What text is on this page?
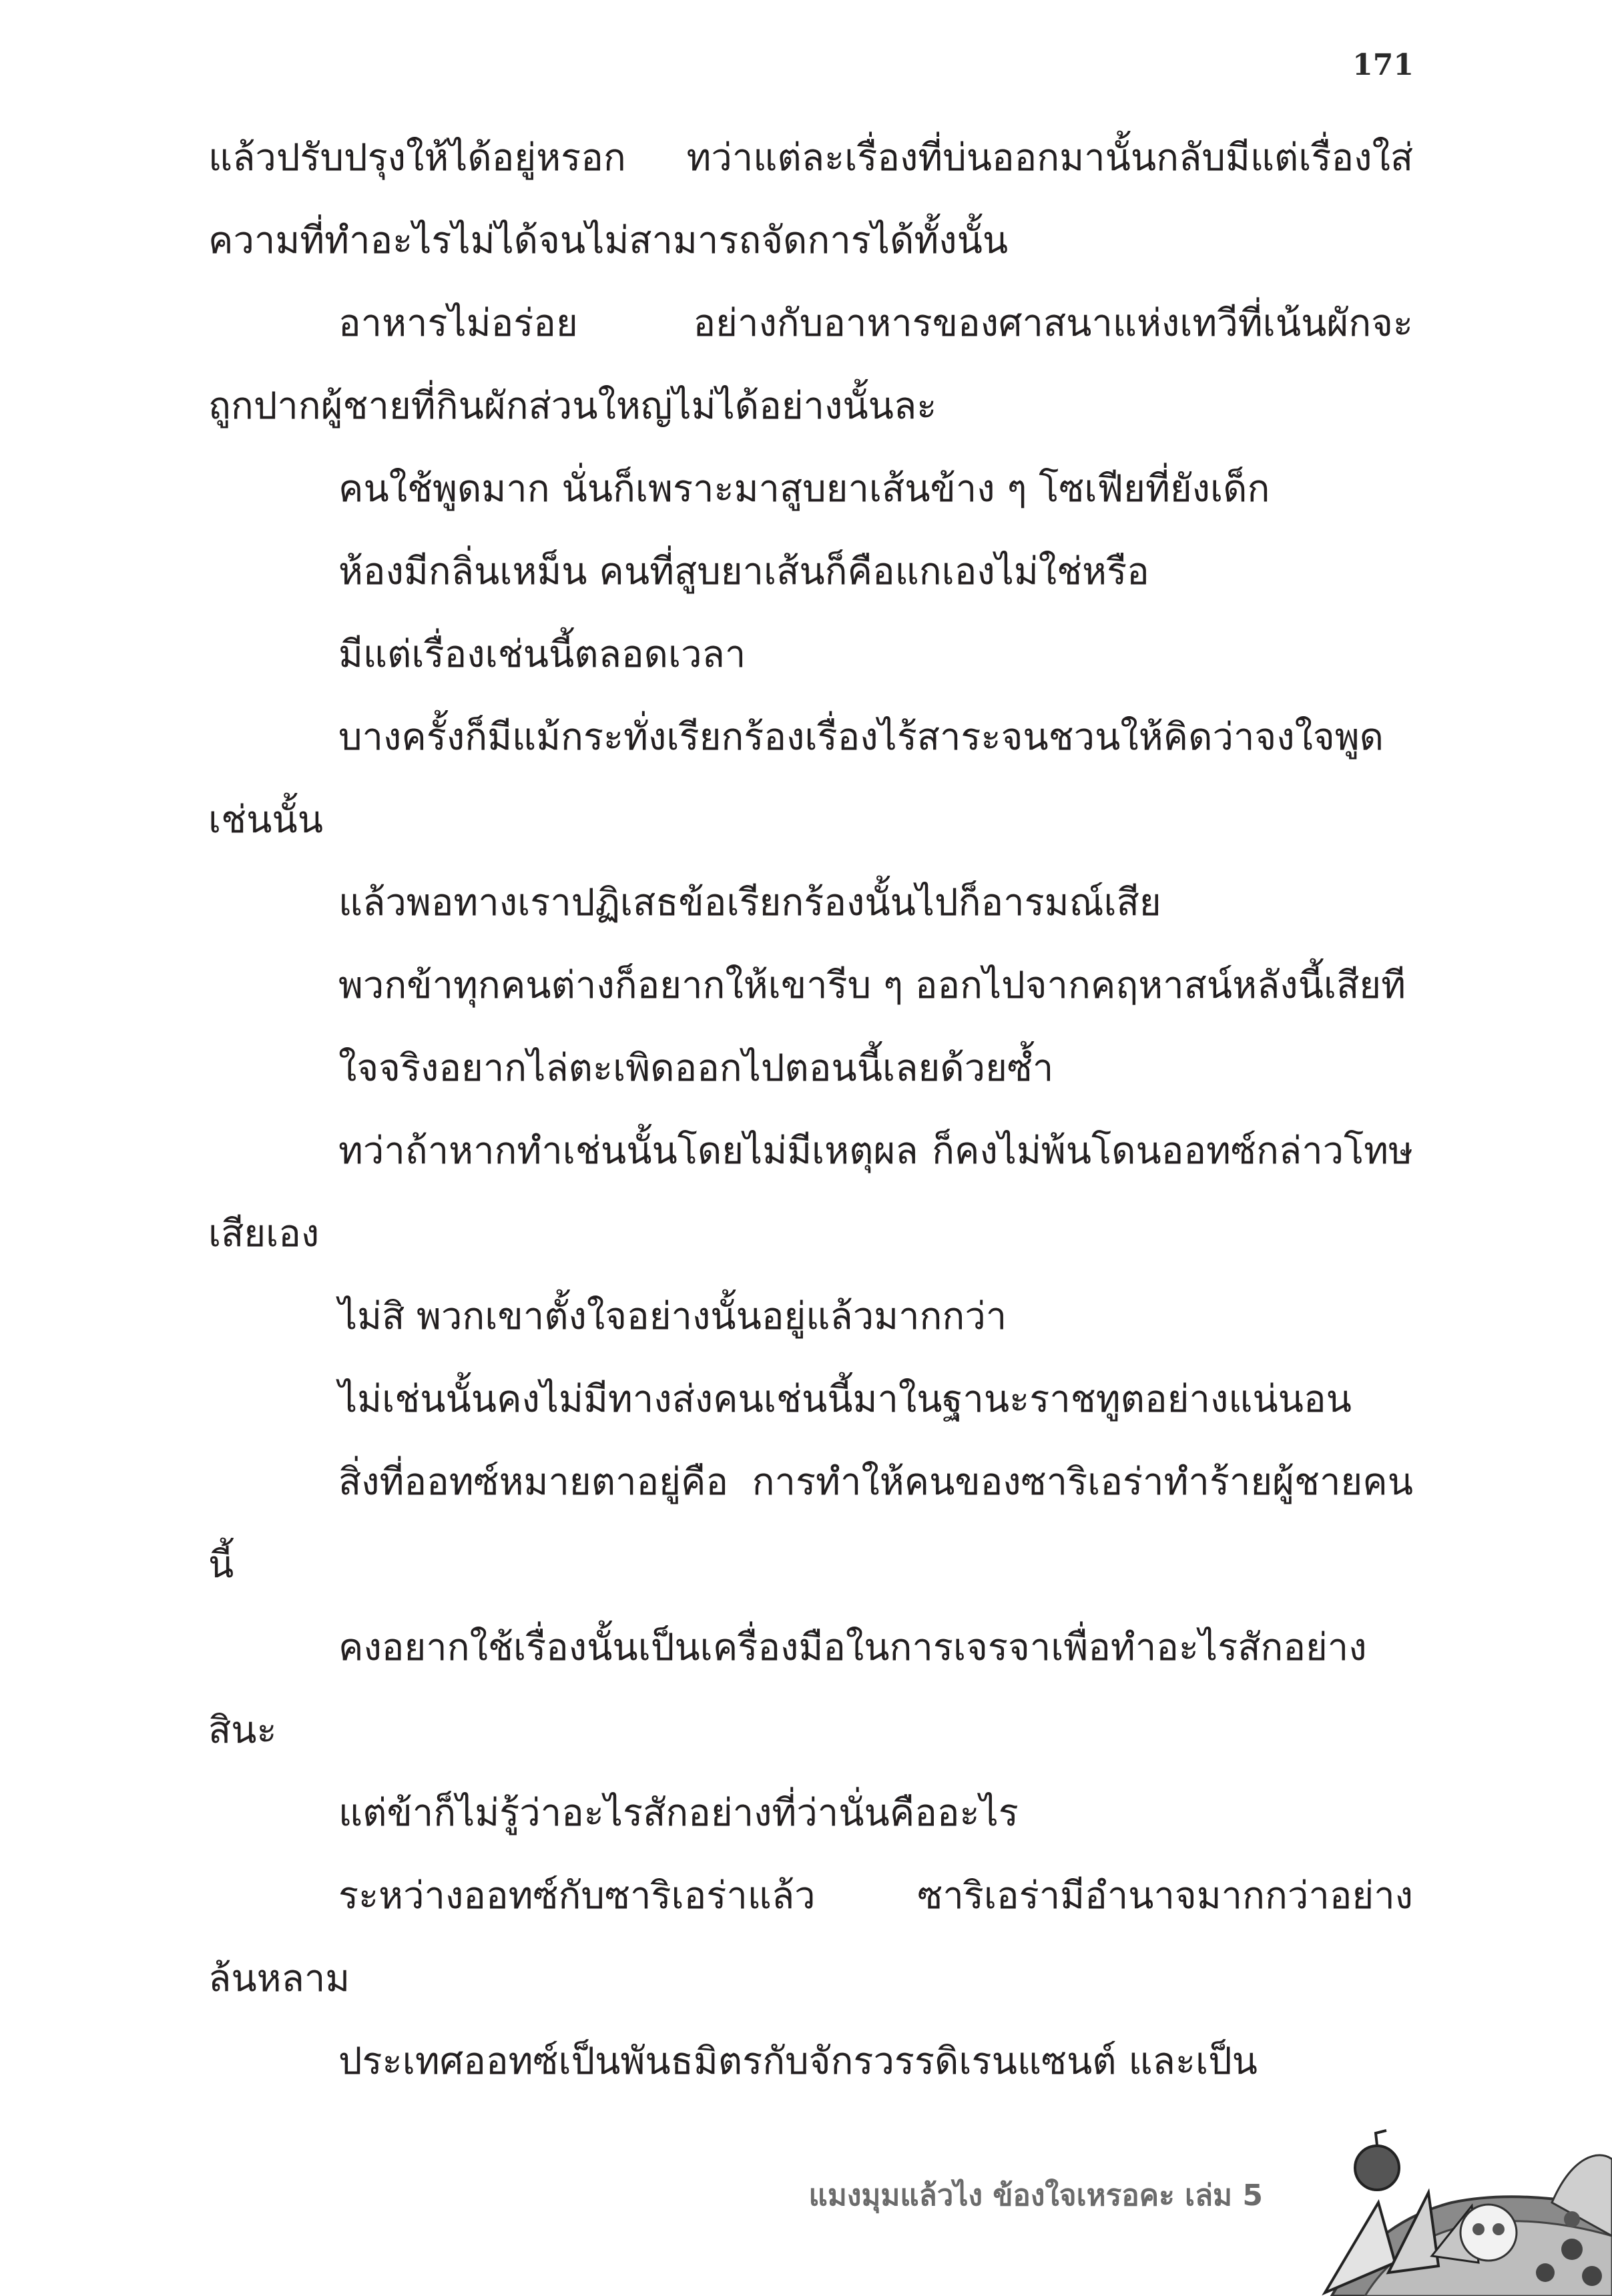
171

แล้วปรับปรุงให้ได้อยู่หรอก ทว่าแต่ละเรื่องที่บ่นออกมานั้นกลับมีแต่เรื่องใส่ความที่ทำอะไรไม่ได้จนไม่สามารถจัดการได้ทั้งนั้น

อาหารไม่อร่อย อย่างกับอาหารของศาสนาแห่งเทวีที่เน้นผักจะถูกปากผู้ชายที่กินผักส่วนใหญ่ไม่ได้อย่างนั้นละ

คนใช้พูดมาก นั่นก็เพราะมาสูบยาเส้นข้าง ๆ โซเฟียที่ยังเด็ก

ห้องมีกลิ่นเหม็น คนที่สูบยาเส้นก็คือแกเองไม่ใช่หรือ

มีแต่เรื่องเช่นนี้ตลอดเวลา

บางครั้งก็มีแม้กระทั่งเรียกร้องเรื่องไร้สาระจนชวนให้คิดว่าจงใจพูดเช่นนั้น

แล้วพอทางเราปฏิเสธข้อเรียกร้องนั้นไปก็อารมณ์เสีย

พวกข้าทุกคนต่างก็อยากให้เขารีบ ๆ ออกไปจากคฤหาสน์หลังนี้เสียที

ใจจริงอยากไล่ตะเพิดออกไปตอนนี้เลยด้วยซ้ำ

ทว่าถ้าหากทำเช่นนั้นโดยไม่มีเหตุผล ก็คงไม่พ้นโดนออทซ์กล่าวโทษเสียเอง

ไม่สิ พวกเขาตั้งใจอย่างนั้นอยู่แล้วมากกว่า

ไม่เช่นนั้นคงไม่มีทางส่งคนเช่นนี้มาในฐานะราชทูตอย่างแน่นอน

สิ่งที่ออทซ์หมายตาอยู่คือ การทำให้คนของซาริเอร่าทำร้ายผู้ชายคนนี้

คงอยากใช้เรื่องนั้นเป็นเครื่องมือในการเจรจาเพื่อทำอะไรสักอย่างสินะ

แต่ข้าก็ไม่รู้ว่าอะไรสักอย่างที่ว่านั่นคืออะไร

ระหว่างออทซ์กับซาริเอร่าแล้ว ซาริเอร่ามีอำนาจมากกว่าอย่างล้นหลาม

ประเทศออทซ์เป็นพันธมิตรกับจักรวรรดิเรนแซนต์ และเป็น

แมงมุมแล้วไง ข้องใจเหรอคะ เล่ม 5
